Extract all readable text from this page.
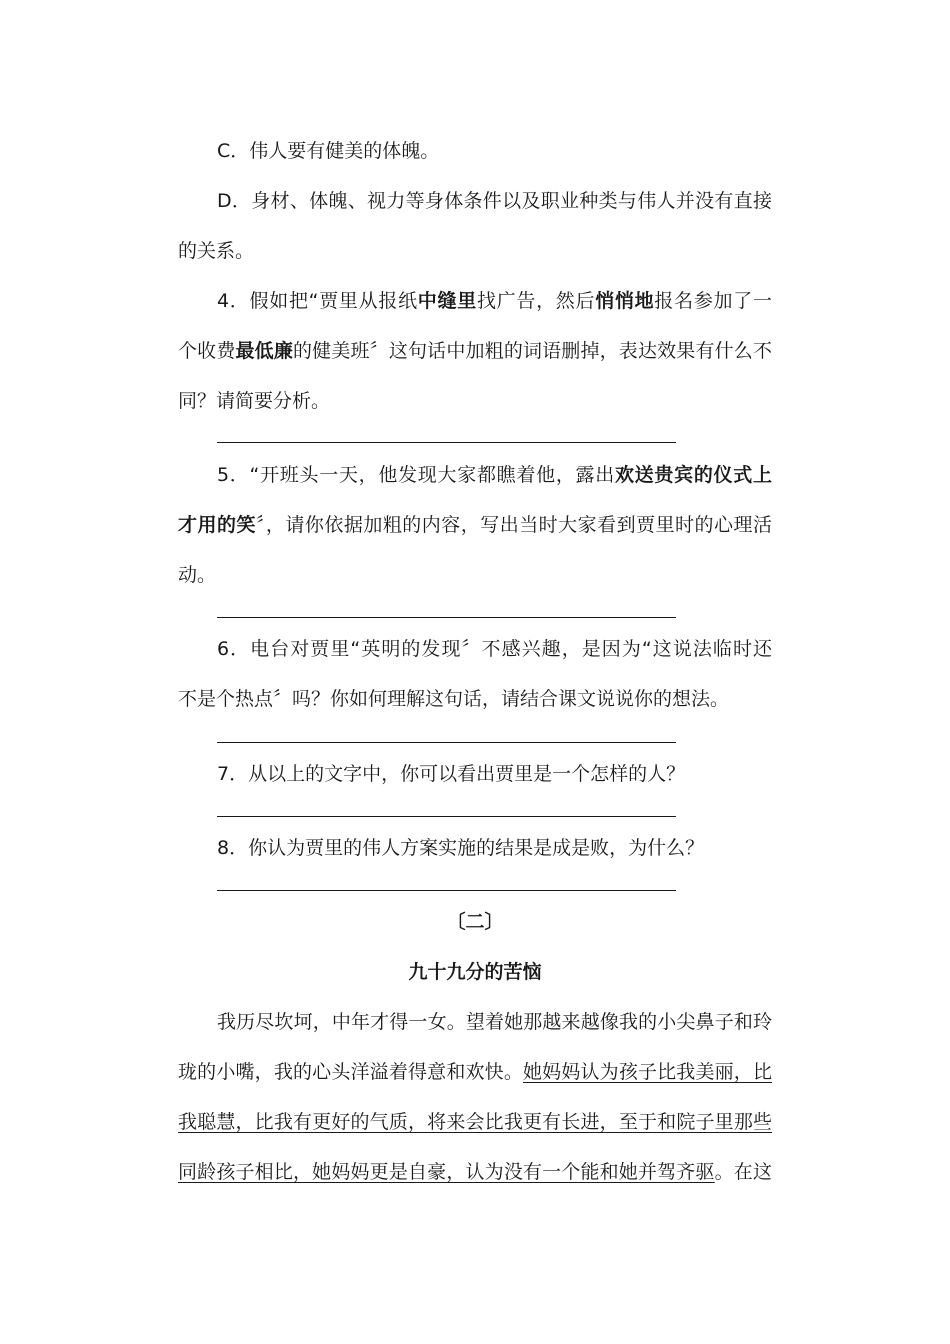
C．伟人要有健美的体魄。
D．身材、体魄、视力等身体条件以及职业种类与伟人并没有直接
的关系。
4．假如把“贾里从报纸中缝里找广告，然后悄悄地报名参加了一
个收费最低廉的健美班〞这句话中加粗的词语删掉，表达效果有什么不
同？请简要分析。
5．“开班头一天，他发现大家都瞧着他，露出欢送贵宾的仪式上
才用的笑〞，请你依据加粗的内容，写出当时大家看到贾里时的心理活
动。
6．电台对贾里“英明的发现〞不感兴趣，是因为“这说法临时还
不是个热点〞吗？你如何理解这句话，请结合课文说说你的想法。
7．从以上的文字中，你可以看出贾里是一个怎样的人？
8．你认为贾里的伟人方案实施的结果是成是败，为什么？
〔二〕
九十九分的苦恼
我历尽坎坷，中年才得一女。望着她那越来越像我的小尖鼻子和玲
珑的小嘴，我的心头洋溢着得意和欢快。她妈妈认为孩子比我美丽，比
我聪慧，比我有更好的气质，将来会比我更有长进，至于和院子里那些
同龄孩子相比，她妈妈更是自豪，认为没有一个能和她并驾齐驱。在这
